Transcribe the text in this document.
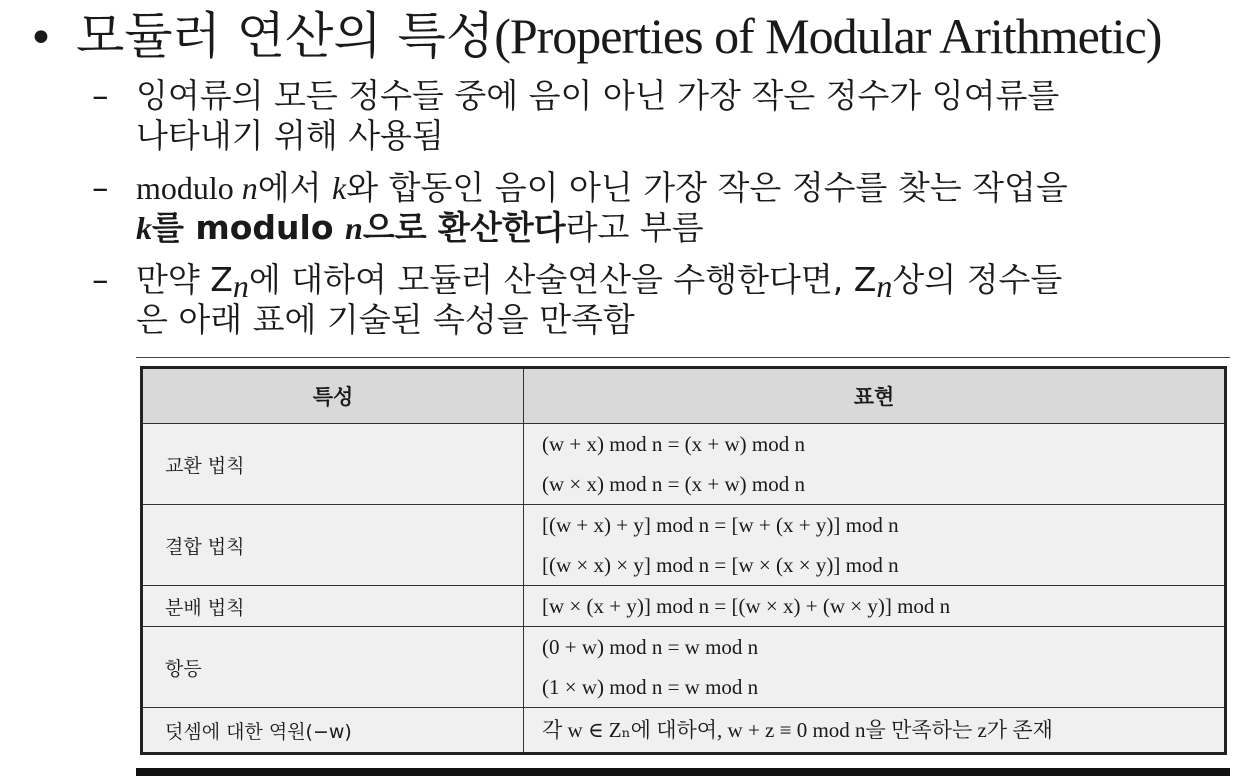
• 모듈러 연산의 특성(Properties of Modular Arithmetic)
– 잉여류의 모든 정수들 중에 음이 아닌 가장 작은 정수가 잉여류를
나타내기 위해 사용됨
– modulo n에서 k와 합동인 음이 아닌 가장 작은 정수를 찾는 작업을
k를 modulo n으로 환산한다라고 부름
– 만약 $Z_n$에 대하여 모듈러 산술연산을 수행한다면, $Z_n$상의 정수들
은 아래 표에 기술된 속성을 만족함
특성	표현
교환 법칙	(w + x) mod n = (x + w) mod n
(w × x) mod n = (x + w) mod n

결합 법칙	[(w + x) + y] mod n = [w + (x + y)] mod n
[(w × x) × y] mod n = [w × (x × y)] mod n

분배 법칙	[w × (x + y)] mod n = [(w × x) + (w × y)] mod n

항등	(0 + w) mod n = w mod n
(1 × w) mod n = w mod n

덧셈에 대한 역원(−w)	각 w ∈ Zₙ에 대하여, w + z ≡ 0 mod n을 만족하는 z가 존재
